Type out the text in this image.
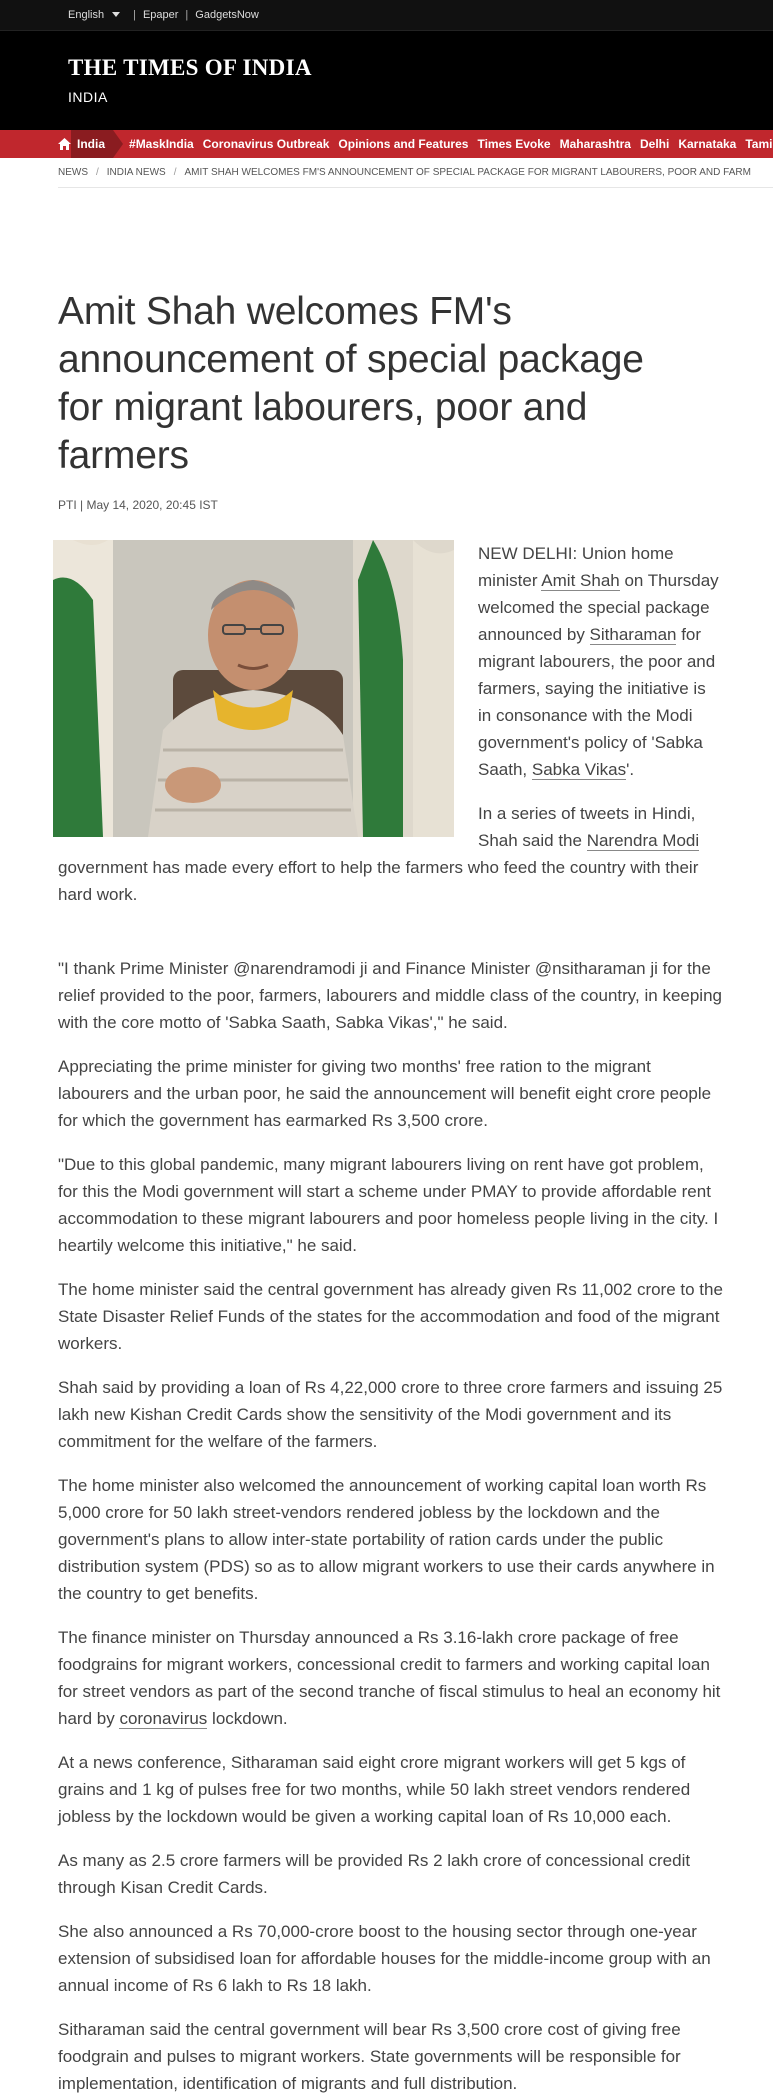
English	| Epaper | GadgetsNow
THE TIMES OF INDIA
INDIA
India	#MaskIndia Coronavirus Outbreak Opinions and Features Times Evoke Maharashtra Delhi Karnataka Tamil
NEWS / INDIA NEWS / AMIT SHAH WELCOMES FM'S ANNOUNCEMENT OF SPECIAL PACKAGE FOR MIGRANT LABOURERS, POOR AND FARM
Amit Shah welcomes FM's announcement of special package for migrant labourers, poor and farmers
PTI | May 14, 2020, 20:45 IST

NEW DELHI: Union home minister Amit Shah on Thursday welcomed the special package announced by Sitharaman for migrant labourers, the poor and farmers, saying the initiative is in consonance with the Modi government's policy of 'Sabka Saath, Sabka Vikas'.

In a series of tweets in Hindi, Shah said the Narendra Modi government has made every effort to help the farmers who feed the country with their hard work.

"I thank Prime Minister @narendramodi ji and Finance Minister @nsitharaman ji for the relief provided to the poor, farmers, labourers and middle class of the country, in keeping with the core motto of 'Sabka Saath, Sabka Vikas'," he said.

Appreciating the prime minister for giving two months' free ration to the migrant labourers and the urban poor, he said the announcement will benefit eight crore people for which the government has earmarked Rs 3,500 crore.

"Due to this global pandemic, many migrant labourers living on rent have got problem, for this the Modi government will start a scheme under PMAY to provide affordable rent accommodation to these migrant labourers and poor homeless people living in the city. I heartily welcome this initiative," he said.

The home minister said the central government has already given Rs 11,002 crore to the State Disaster Relief Funds of the states for the accommodation and food of the migrant workers.

Shah said by providing a loan of Rs 4,22,000 crore to three crore farmers and issuing 25 lakh new Kishan Credit Cards show the sensitivity of the Modi government and its commitment for the welfare of the farmers.

The home minister also welcomed the announcement of working capital loan worth Rs 5,000 crore for 50 lakh street-vendors rendered jobless by the lockdown and the government's plans to allow inter-state portability of ration cards under the public distribution system (PDS) so as to allow migrant workers to use their cards anywhere in the country to get benefits.

The finance minister on Thursday announced a Rs 3.16-lakh crore package of free foodgrains for migrant workers, concessional credit to farmers and working capital loan for street vendors as part of the second tranche of fiscal stimulus to heal an economy hit hard by coronavirus lockdown.

At a news conference, Sitharaman said eight crore migrant workers will get 5 kgs of grains and 1 kg of pulses free for two months, while 50 lakh street vendors rendered jobless by the lockdown would be given a working capital loan of Rs 10,000 each.

As many as 2.5 crore farmers will be provided Rs 2 lakh crore of concessional credit through Kisan Credit Cards.

She also announced a Rs 70,000-crore boost to the housing sector through one-year extension of subsidised loan for affordable houses for the middle-income group with an annual income of Rs 6 lakh to Rs 18 lakh.

Sitharaman said the central government will bear Rs 3,500 crore cost of giving free foodgrain and pulses to migrant workers. State governments will be responsible for implementation, identification of migrants and full distribution.
